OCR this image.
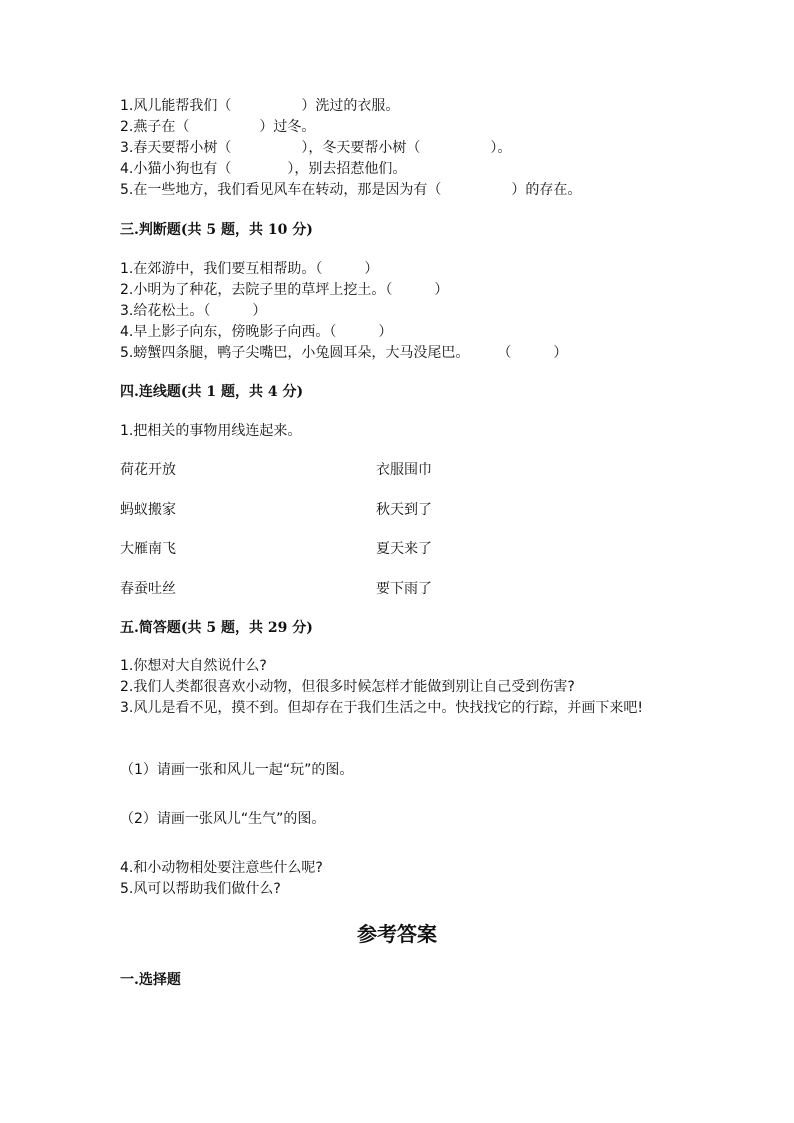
1.风儿能帮我们（　　　　　）洗过的衣服。
2.燕子在（　　　　　）过冬。
3.春天要帮小树（　　　　　），冬天要帮小树（　　　　　）。
4.小猫小狗也有（　　　　），别去招惹他们。
5.在一些地方，我们看见风车在转动，那是因为有（　　　　　）的存在。
三.判断题(共 5 题，共 10 分)
1.在郊游中，我们要互相帮助。（　　　）
2.小明为了种花，去院子里的草坪上挖土。（　　　）
3.给花松土。（　　　）
4.早上影子向东，傍晚影子向西。（　　　）
5.螃蟹四条腿，鸭子尖嘴巴，小兔圆耳朵，大马没尾巴。　　　（　　　）
四.连线题(共 1 题，共 4 分)
1.把相关的事物用线连起来。
荷花开放	衣服围巾
蚂蚁搬家	秋天到了
大雁南飞	夏天来了
春蚕吐丝	要下雨了
五.简答题(共 5 题，共 29 分)
1.你想对大自然说什么?
2.我们人类都很喜欢小动物，但很多时候怎样才能做到别让自己受到伤害?
3.风儿是看不见，摸不到。但却存在于我们生活之中。快找找它的行踪，并画下来吧!
（1）请画一张和风儿一起“玩”的图。
（2）请画一张风儿“生气”的图。
4.和小动物相处要注意些什么呢?
5.风可以帮助我们做什么?
参考答案
一.选择题
